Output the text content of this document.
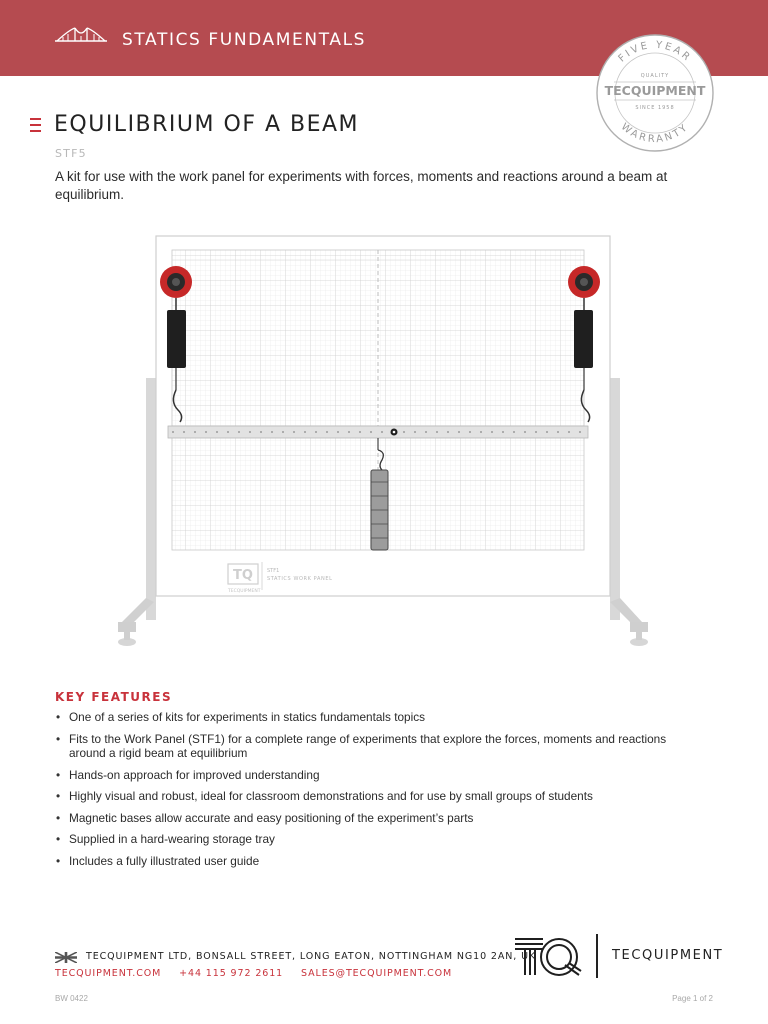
STATICS FUNDAMENTALS
FIVE YEAR
WARRANTY
QUALITY
TECQUIPMENT
SINCE 1958
EQUILIBRIUM OF A BEAM
STF5

A kit for use with the work panel for experiments with forces, moments and reactions around a beam at equilibrium.

TQ
TECQUIPMENT
STF1
STATICS WORK PANEL
KEY FEATURES
• One of a series of kits for experiments in statics fundamentals topics
• Fits to the Work Panel (STF1) for a complete range of experiments that explore the forces, moments and reactions around a rigid beam at equilibrium
• Hands-on approach for improved understanding
• Highly visual and robust, ideal for classroom demonstrations and for use by small groups of students
• Magnetic bases allow accurate and easy positioning of the experiment’s parts
• Supplied in a hard-wearing storage tray
• Includes a fully illustrated user guide
TECQUIPMENT LTD, BONSALL STREET, LONG EATON, NOTTINGHAM NG10 2AN, UK
TECQUIPMENT.COM +44 115 972 2611 SALES@TECQUIPMENT.COM
TECQUIPMENT
BW 0422	Page 1 of 2
